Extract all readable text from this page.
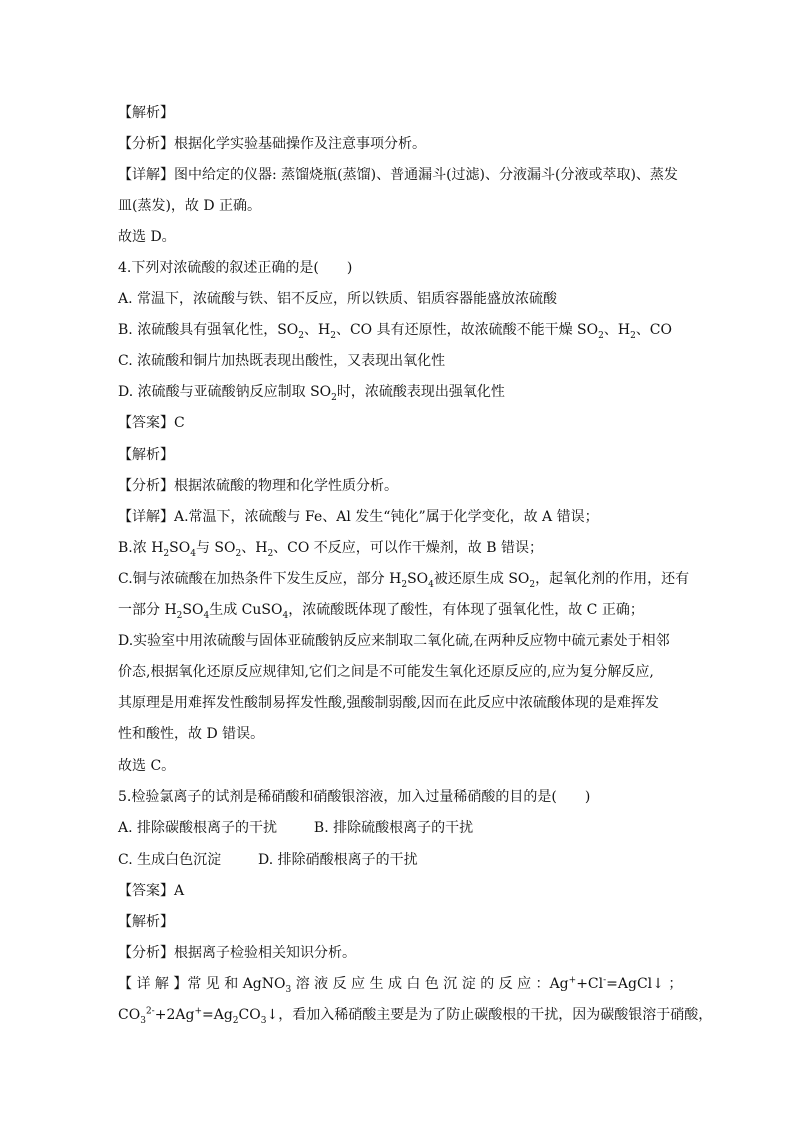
【解析】
【分析】根据化学实验基础操作及注意事项分析。
【详解】图中给定的仪器: 蒸馏烧瓶(蒸馏)、普通漏斗(过滤)、分液漏斗(分液或萃取)、蒸发
皿(蒸发)，故 D 正确。
故选 D。
4.下列对浓硫酸的叙述正确的是(　　)
A. 常温下，浓硫酸与铁、铝不反应，所以铁质、铝质容器能盛放浓硫酸
B. 浓硫酸具有强氧化性，$SO_2$、$H_2$、CO 具有还原性，故浓硫酸不能干燥 $SO_2$、$H_2$、CO
C. 浓硫酸和铜片加热既表现出酸性，又表现出氧化性
D. 浓硫酸与亚硫酸钠反应制取 $SO_2$时，浓硫酸表现出强氧化性
【答案】C
【解析】
【分析】根据浓硫酸的物理和化学性质分析。
【详解】A.常温下，浓硫酸与 Fe、Al 发生“钝化”属于化学变化，故 A 错误；
B.浓 $H_2SO_4$与 $SO_2$、$H_2$、CO 不反应，可以作干燥剂，故 B 错误；
C.铜与浓硫酸在加热条件下发生反应，部分 $H_2SO_4$被还原生成 $SO_2$，起氧化剂的作用，还有
一部分 $H_2SO_4$生成 CuSO$_4$，浓硫酸既体现了酸性，有体现了强氧化性，故 C 正确；
D.实验室中用浓硫酸与固体亚硫酸钠反应来制取二氧化硫,在两种反应物中硫元素处于相邻
价态,根据氧化还原反应规律知,它们之间是不可能发生氧化还原反应的,应为复分解反应,
其原理是用难挥发性酸制易挥发性酸,强酸制弱酸,因而在此反应中浓硫酸体现的是难挥发
性和酸性，故 D 错误。
故选 C。
5.检验氯离子的试剂是稀硝酸和硝酸银溶液，加入过量稀硝酸的目的是(　　)
A. 排除碳酸根离子的干扰	B. 排除硫酸根离子的干扰
C. 生成白色沉淀	D. 排除硝酸根离子的干扰
【答案】A
【解析】
【分析】根据离子检验相关知识分析。
【 详 解 】常 见 和 AgNO$_3$ 溶 液 反 应 生 成 白 色 沉 淀 的 反 应 ： Ag++Cl-=AgCl↓ ；
$CO_3^{2-}+2Ag^+=Ag_2CO_3↓$，看加入稀硝酸主要是为了防止碳酸根的干扰，因为碳酸银溶于硝酸，
